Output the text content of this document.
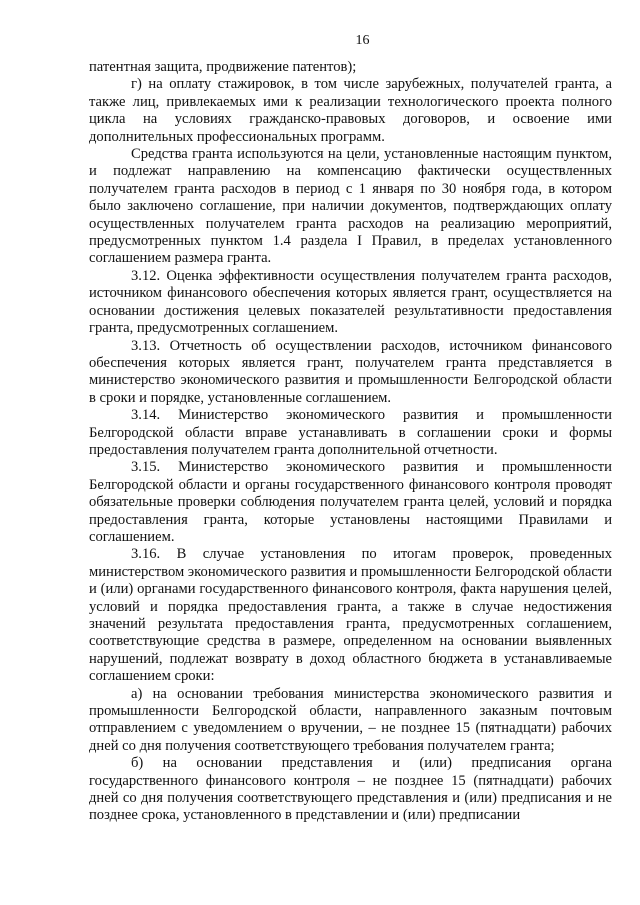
16

патентная защита, продвижение патентов);

г) на оплату стажировок, в том числе зарубежных, получателей гранта, а также лиц, привлекаемых ими к реализации технологического проекта полного цикла на условиях гражданско-правовых договоров, и освоение ими дополнительных профессиональных программ.

Средства гранта используются на цели, установленные настоящим пунктом, и подлежат направлению на компенсацию фактически осуществленных получателем гранта расходов в период с 1 января по 30 ноября года, в котором было заключено соглашение, при наличии документов, подтверждающих оплату осуществленных получателем гранта расходов на реализацию мероприятий, предусмотренных пунктом 1.4 раздела I Правил, в пределах установленного соглашением размера гранта.

3.12. Оценка эффективности осуществления получателем гранта расходов, источником финансового обеспечения которых является грант, осуществляется на основании достижения целевых показателей результативности предоставления гранта, предусмотренных соглашением.

3.13. Отчетность об осуществлении расходов, источником финансового обеспечения которых является грант, получателем гранта представляется в министерство экономического развития и промышленности Белгородской области в сроки и порядке, установленные соглашением.

3.14. Министерство экономического развития и промышленности Белгородской области вправе устанавливать в соглашении сроки и формы предоставления получателем гранта дополнительной отчетности.

3.15. Министерство экономического развития и промышленности Белгородской области и органы государственного финансового контроля проводят обязательные проверки соблюдения получателем гранта целей, условий и порядка предоставления гранта, которые установлены настоящими Правилами и соглашением.

3.16. В случае установления по итогам проверок, проведенных министерством экономического развития и промышленности Белгородской области и (или) органами государственного финансового контроля, факта нарушения целей, условий и порядка предоставления гранта, а также в случае недостижения значений результата предоставления гранта, предусмотренных соглашением, соответствующие средства в размере, определенном на основании выявленных нарушений, подлежат возврату в доход областного бюджета в устанавливаемые соглашением сроки:

а) на основании требования министерства экономического развития и промышленности Белгородской области, направленного заказным почтовым отправлением с уведомлением о вручении, – не позднее 15 (пятнадцати) рабочих дней со дня получения соответствующего требования получателем гранта;

б) на основании представления и (или) предписания органа государственного финансового контроля – не позднее 15 (пятнадцати) рабочих дней со дня получения соответствующего представления и (или) предписания и не позднее срока, установленного в представлении и (или) предписании
